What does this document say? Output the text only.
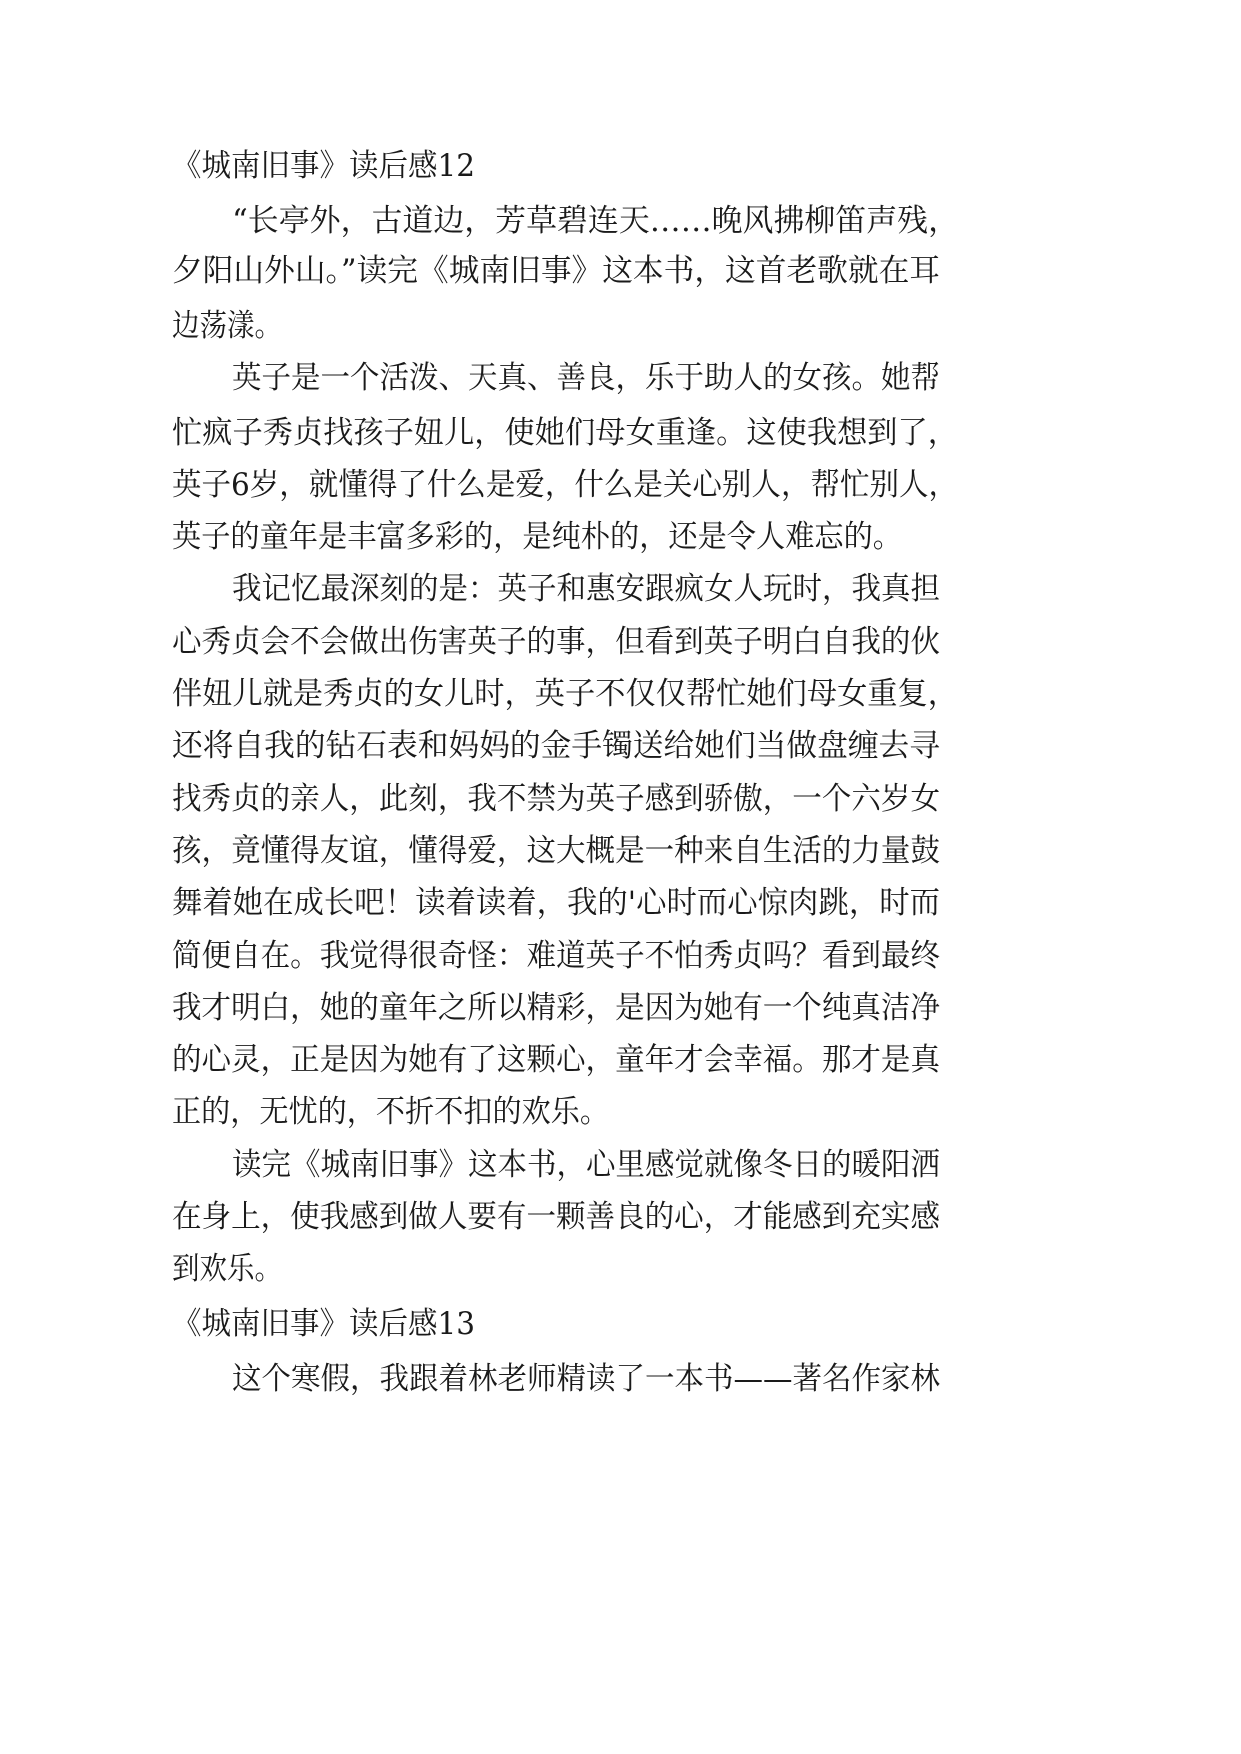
《城南旧事》读后感12
“长亭外，古道边，芳草碧连天……晚风拂柳笛声残，
夕阳山外山。”读完《城南旧事》这本书，这首老歌就在耳
边荡漾。
英子是一个活泼、天真、善良，乐于助人的女孩。她帮
忙疯子秀贞找孩子妞儿，使她们母女重逢。这使我想到了，
英子6岁，就懂得了什么是爱，什么是关心别人，帮忙别人，
英子的童年是丰富多彩的，是纯朴的，还是令人难忘的。
我记忆最深刻的是：英子和惠安跟疯女人玩时，我真担
心秀贞会不会做出伤害英子的事，但看到英子明白自我的伙
伴妞儿就是秀贞的女儿时，英子不仅仅帮忙她们母女重复，
还将自我的钻石表和妈妈的金手镯送给她们当做盘缠去寻
找秀贞的亲人，此刻，我不禁为英子感到骄傲，一个六岁女
孩，竟懂得友谊，懂得爱，这大概是一种来自生活的力量鼓
舞着她在成长吧！读着读着，我的'心时而心惊肉跳，时而
简便自在。我觉得很奇怪：难道英子不怕秀贞吗？看到最终
我才明白，她的童年之所以精彩，是因为她有一个纯真洁净
的心灵，正是因为她有了这颗心，童年才会幸福。那才是真
正的，无忧的，不折不扣的欢乐。
读完《城南旧事》这本书，心里感觉就像冬日的暖阳洒
在身上，使我感到做人要有一颗善良的心，才能感到充实感
到欢乐。
《城南旧事》读后感13
这个寒假，我跟着林老师精读了一本书——著名作家林
